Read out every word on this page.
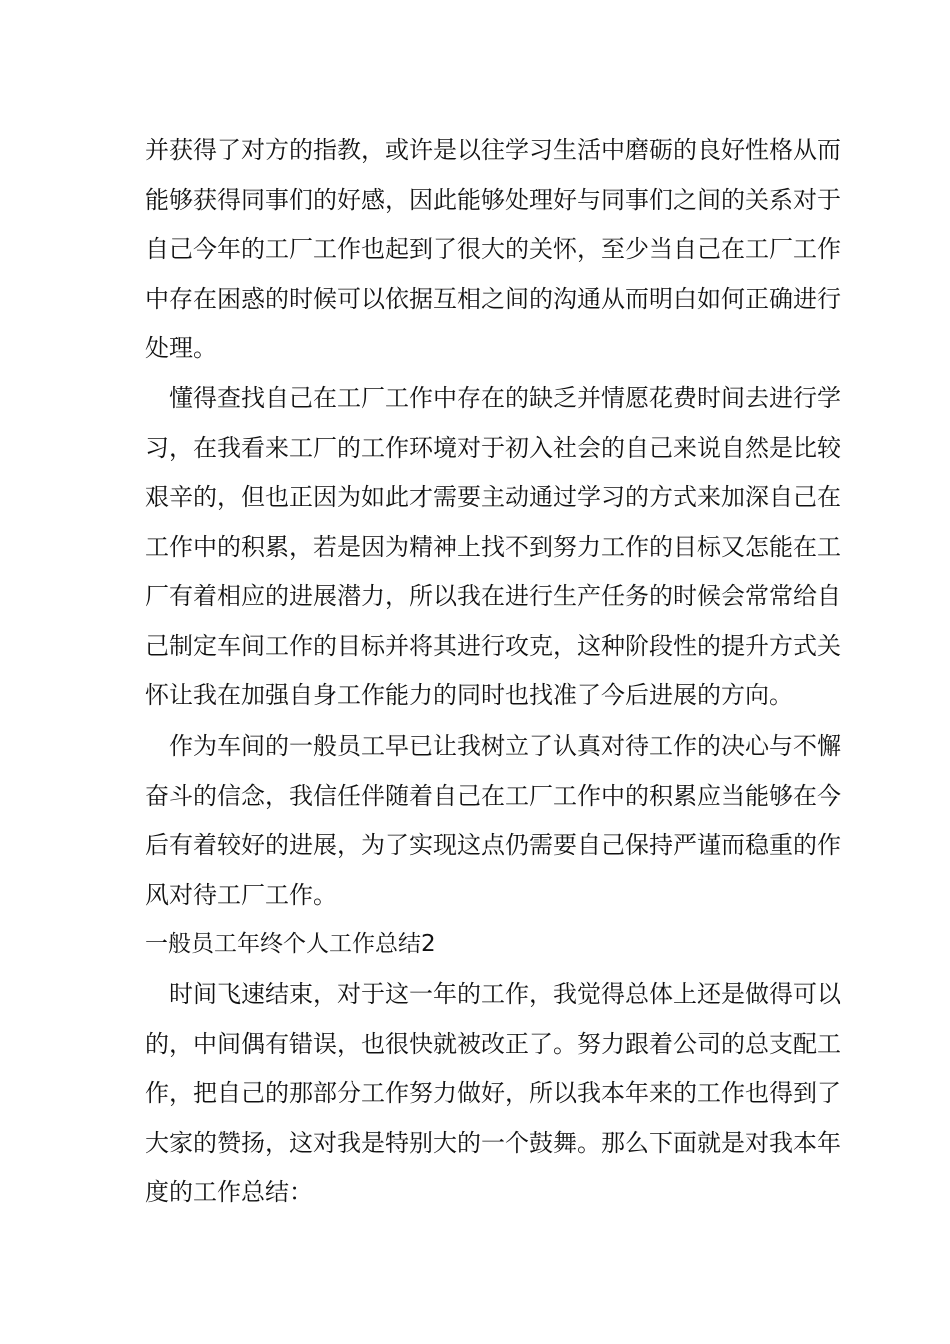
并获得了对方的指教，或许是以往学习生活中磨砺的良好性格从而
能够获得同事们的好感，因此能够处理好与同事们之间的关系对于
自己今年的工厂工作也起到了很大的关怀，至少当自己在工厂工作
中存在困惑的时候可以依据互相之间的沟通从而明白如何正确进行
处理。
懂得查找自己在工厂工作中存在的缺乏并情愿花费时间去进行学
习，在我看来工厂的工作环境对于初入社会的自己来说自然是比较
艰辛的，但也正因为如此才需要主动通过学习的方式来加深自己在
工作中的积累，若是因为精神上找不到努力工作的目标又怎能在工
厂有着相应的进展潜力，所以我在进行生产任务的时候会常常给自
己制定车间工作的目标并将其进行攻克，这种阶段性的提升方式关
怀让我在加强自身工作能力的同时也找准了今后进展的方向。
作为车间的一般员工早已让我树立了认真对待工作的决心与不懈
奋斗的信念，我信任伴随着自己在工厂工作中的积累应当能够在今
后有着较好的进展，为了实现这点仍需要自己保持严谨而稳重的作
风对待工厂工作。
一般员工年终个人工作总结2
时间飞速结束，对于这一年的工作，我觉得总体上还是做得可以
的，中间偶有错误，也很快就被改正了。努力跟着公司的总支配工
作，把自己的那部分工作努力做好，所以我本年来的工作也得到了
大家的赞扬，这对我是特别大的一个鼓舞。那么下面就是对我本年
度的工作总结：
